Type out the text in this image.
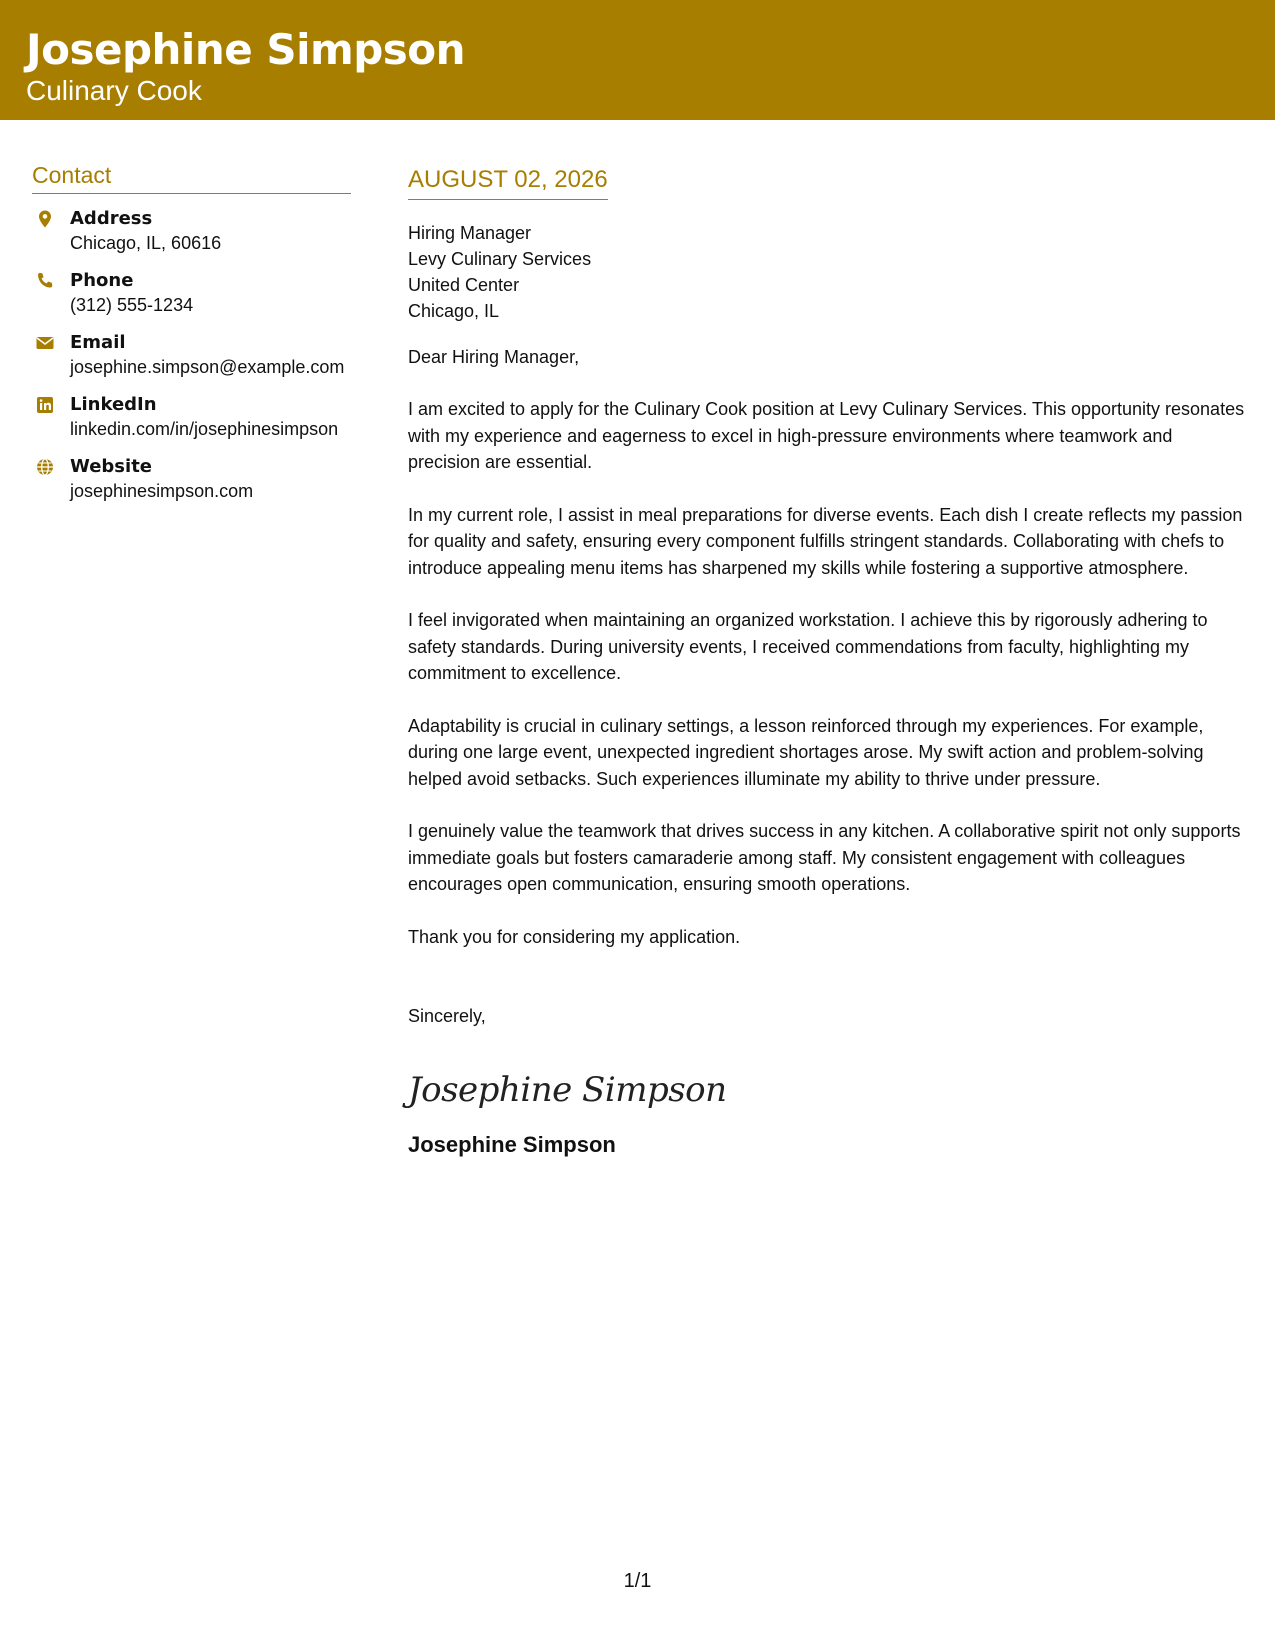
Josephine Simpson
Culinary Cook
Contact
Address
Chicago, IL, 60616
Phone
(312) 555-1234
Email
josephine.simpson@example.com
LinkedIn
linkedin.com/in/josephinesimpson
Website
josephinesimpson.com
AUGUST 02, 2026
Hiring Manager
Levy Culinary Services
United Center
Chicago, IL
Dear Hiring Manager,
I am excited to apply for the Culinary Cook position at Levy Culinary Services. This opportunity resonates with my experience and eagerness to excel in high-pressure environments where teamwork and precision are essential.
In my current role, I assist in meal preparations for diverse events. Each dish I create reflects my passion for quality and safety, ensuring every component fulfills stringent standards. Collaborating with chefs to introduce appealing menu items has sharpened my skills while fostering a supportive atmosphere.
I feel invigorated when maintaining an organized workstation. I achieve this by rigorously adhering to safety standards. During university events, I received commendations from faculty, highlighting my commitment to excellence.
Adaptability is crucial in culinary settings, a lesson reinforced through my experiences. For example, during one large event, unexpected ingredient shortages arose. My swift action and problem-solving helped avoid setbacks. Such experiences illuminate my ability to thrive under pressure.
I genuinely value the teamwork that drives success in any kitchen. A collaborative spirit not only supports immediate goals but fosters camaraderie among staff. My consistent engagement with colleagues encourages open communication, ensuring smooth operations.
Thank you for considering my application.
Sincerely,
Josephine Simpson
Josephine Simpson
1/1
